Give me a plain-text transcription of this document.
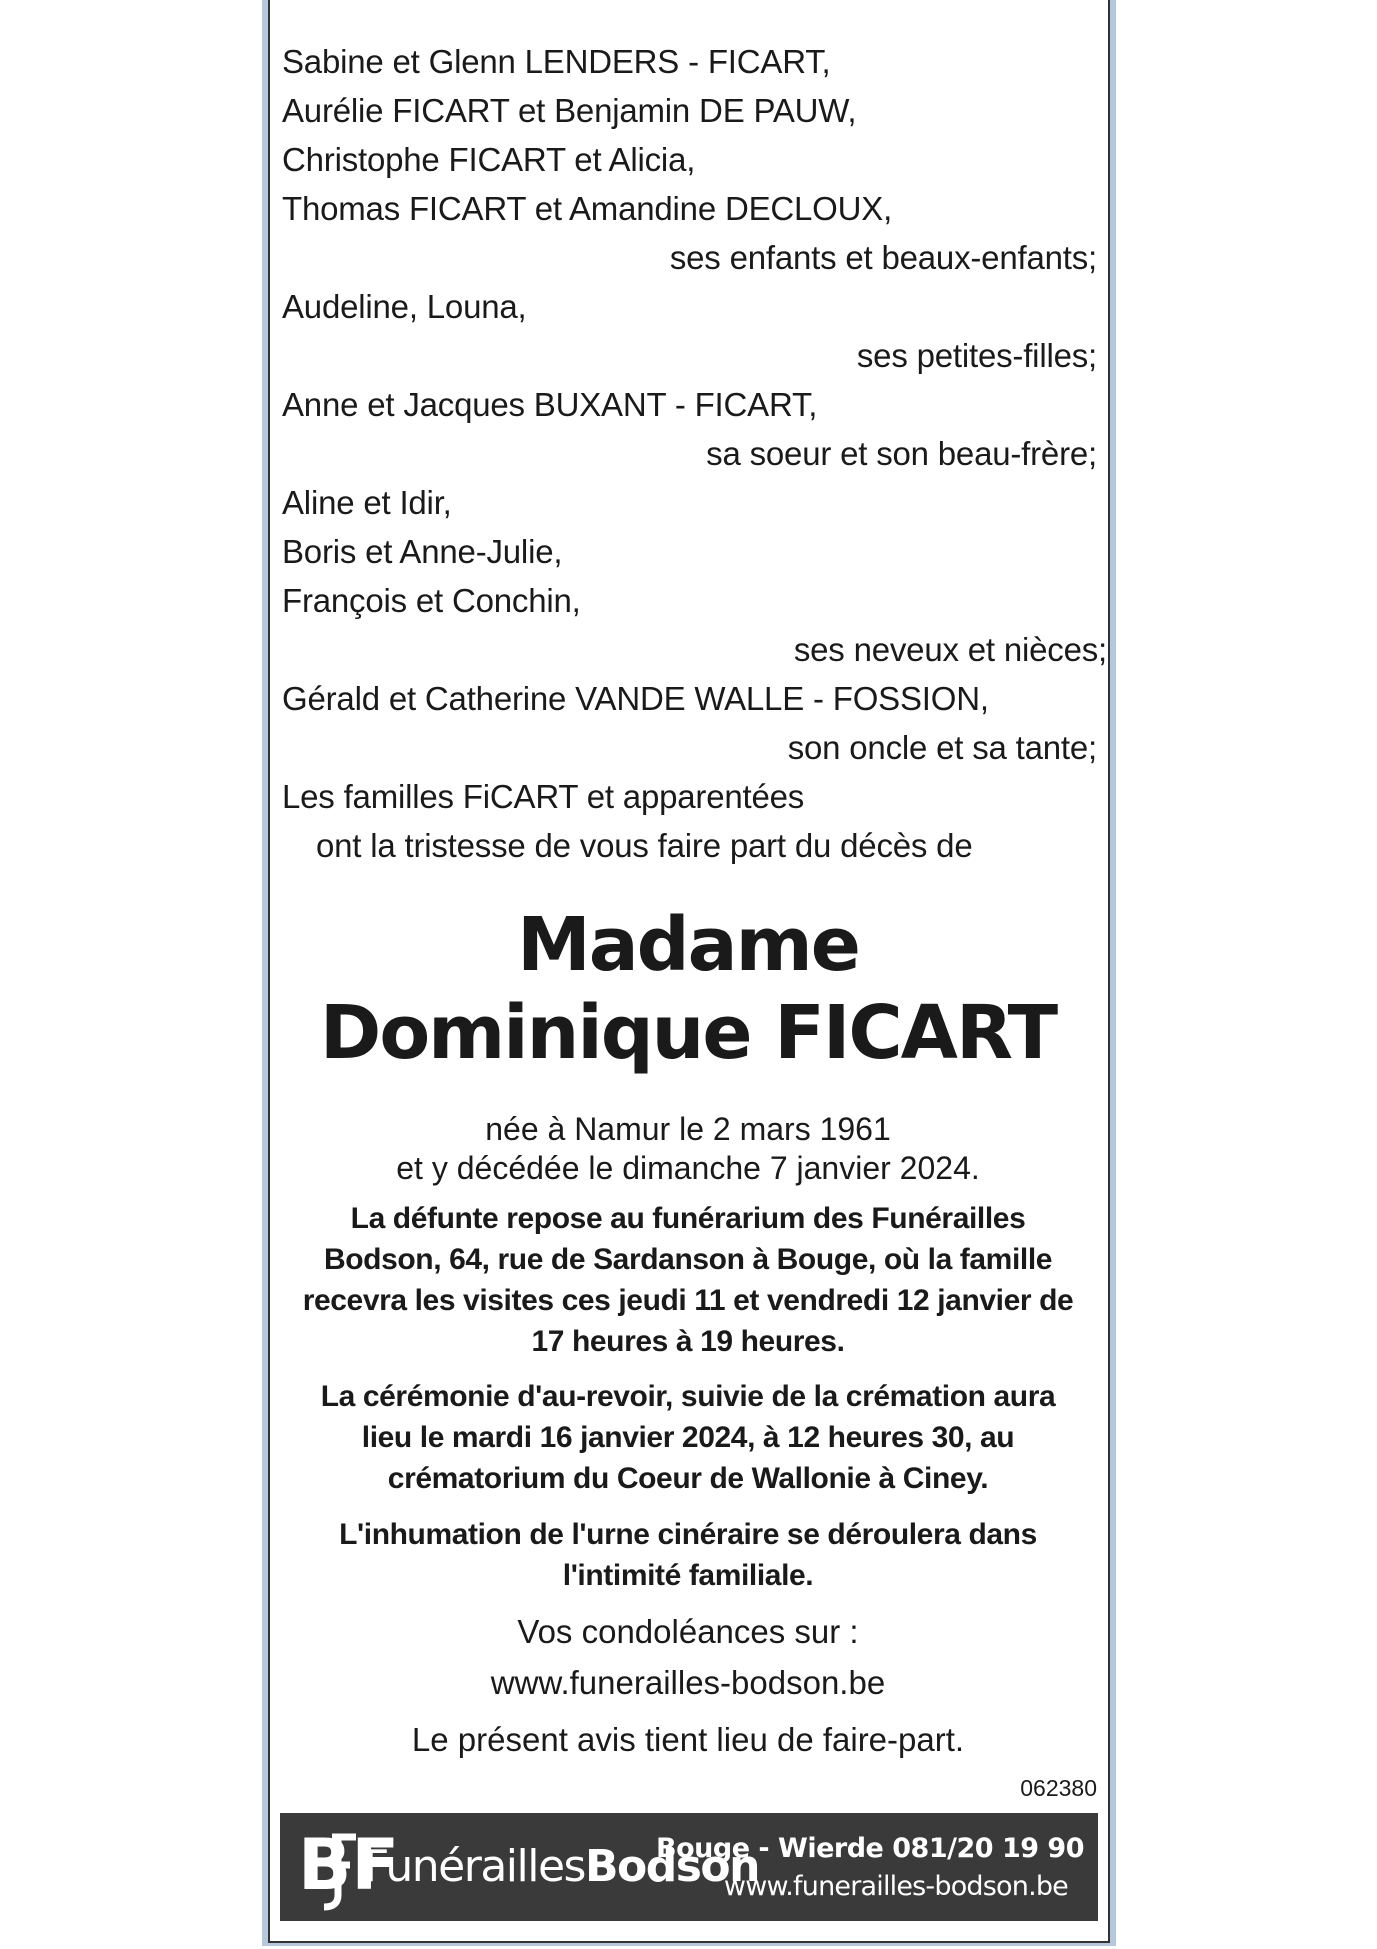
Sabine et Glenn LENDERS - FICART,
Aurélie FICART et Benjamin DE PAUW,
Christophe FICART et Alicia,
Thomas FICART et Amandine DECLOUX,
ses enfants et beaux-enfants;
Audeline, Louna,
ses petites-filles;
Anne et Jacques BUXANT - FICART,
sa soeur et son beau-frère;
Aline et Idir,
Boris et Anne-Julie,
François et Conchin,
ses neveux et nièces;
Gérald et Catherine VANDE WALLE - FOSSION,
son oncle et sa tante;
Les familles FiCART et apparentées
ont la tristesse de vous faire part du décès de
Madame
Dominique FICART
née à Namur le 2 mars 1961
et y décédée le dimanche 7 janvier 2024.
La défunte repose au funérarium des Funérailles
Bodson, 64, rue de Sardanson à Bouge, où la famille
recevra les visites ces jeudi 11 et vendredi 12 janvier de
17 heures à 19 heures.
La cérémonie d'au-revoir, suivie de la crémation aura
lieu le mardi 16 janvier 2024, à 12 heures 30, au
crématorium du Coeur de Wallonie à Ciney.
L'inhumation de l'urne cinéraire se déroulera dans
l'intimité familiale.
Vos condoléances sur :
www.funerailles-bodson.be
Le présent avis tient lieu de faire-part.
062380
BF
FunéraillesBodson
Bouge - Wierde 081/20 19 90
www.funerailles-bodson.be
